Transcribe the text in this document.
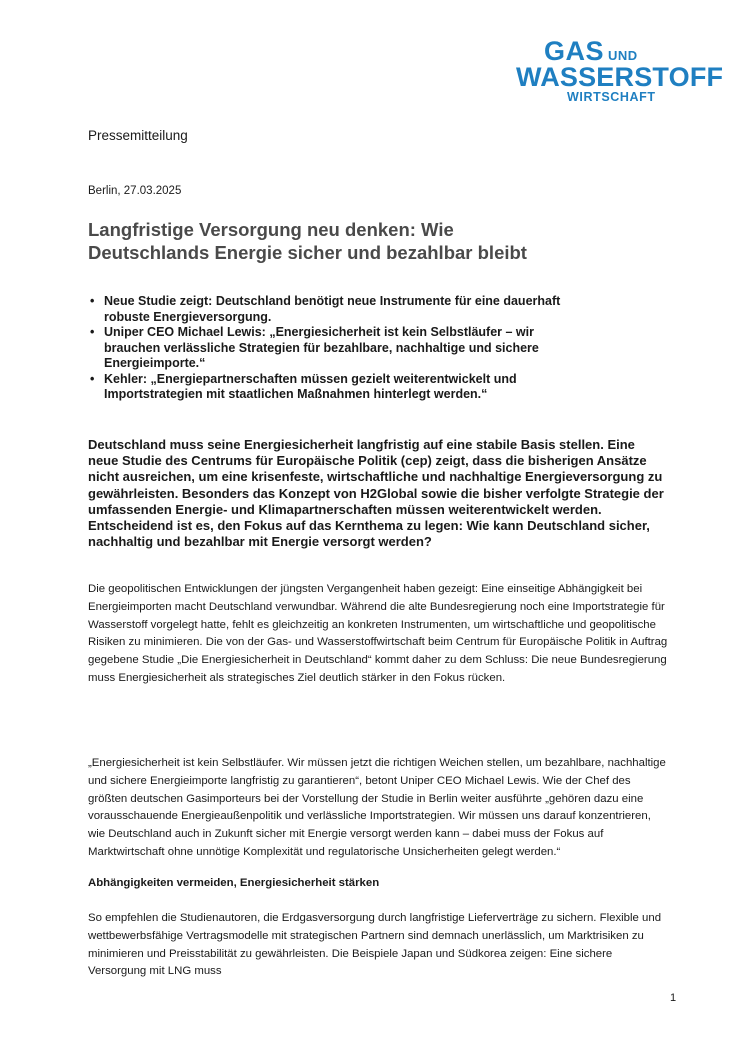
GAS UND
WASSERSTOFF
WIRTSCHAFT
Pressemitteilung
Berlin, 27.03.2025
Langfristige Versorgung neu denken: Wie Deutschlands Energie sicher und bezahlbar bleibt
• Neue Studie zeigt: Deutschland benötigt neue Instrumente für eine dauerhaft robuste Energieversorgung.
• Uniper CEO Michael Lewis: „Energiesicherheit ist kein Selbstläufer – wir brauchen verlässliche Strategien für bezahlbare, nachhaltige und sichere Energieimporte.“
• Kehler: „Energiepartnerschaften müssen gezielt weiterentwickelt und Importstrategien mit staatlichen Maßnahmen hinterlegt werden.“

Deutschland muss seine Energiesicherheit langfristig auf eine stabile Basis stellen. Eine neue Studie des Centrums für Europäische Politik (cep) zeigt, dass die bisherigen Ansätze nicht ausreichen, um eine krisenfeste, wirtschaftliche und nachhaltige Energieversorgung zu gewährleisten. Besonders das Konzept von H2Global sowie die bisher verfolgte Strategie der umfassenden Energie- und Klimapartnerschaften müssen weiterentwickelt werden. Entscheidend ist es, den Fokus auf das Kernthema zu legen: Wie kann Deutschland sicher, nachhaltig und bezahlbar mit Energie versorgt werden?

Die geopolitischen Entwicklungen der jüngsten Vergangenheit haben gezeigt: Eine einseitige Abhängigkeit bei Energieimporten macht Deutschland verwundbar. Während die alte Bundesregierung noch eine Importstrategie für Wasserstoff vorgelegt hatte, fehlt es gleichzeitig an konkreten Instrumenten, um wirtschaftliche und geopolitische Risiken zu minimieren. Die von der Gas- und Wasserstoffwirtschaft beim Centrum für Europäische Politik in Auftrag gegebene Studie „Die Energiesicherheit in Deutschland“ kommt daher zu dem Schluss: Die neue Bundesregierung muss Energiesicherheit als strategisches Ziel deutlich stärker in den Fokus rücken.

„Energiesicherheit ist kein Selbstläufer. Wir müssen jetzt die richtigen Weichen stellen, um bezahlbare, nachhaltige und sichere Energieimporte langfristig zu garantieren“, betont Uniper CEO Michael Lewis. Wie der Chef des größten deutschen Gasimporteurs bei der Vorstellung der Studie in Berlin weiter ausführte „gehören dazu eine vorausschauende Energieaußenpolitik und verlässliche Importstrategien. Wir müssen uns darauf konzentrieren, wie Deutschland auch in Zukunft sicher mit Energie versorgt werden kann – dabei muss der Fokus auf Marktwirtschaft ohne unnötige Komplexität und regulatorische Unsicherheiten gelegt werden.“

Abhängigkeiten vermeiden, Energiesicherheit stärken

So empfehlen die Studienautoren, die Erdgasversorgung durch langfristige Lieferverträge zu sichern. Flexible und wettbewerbsfähige Vertragsmodelle mit strategischen Partnern sind demnach unerlässlich, um Marktrisiken zu minimieren und Preisstabilität zu gewährleisten. Die Beispiele Japan und Südkorea zeigen: Eine sichere Versorgung mit LNG muss

1
